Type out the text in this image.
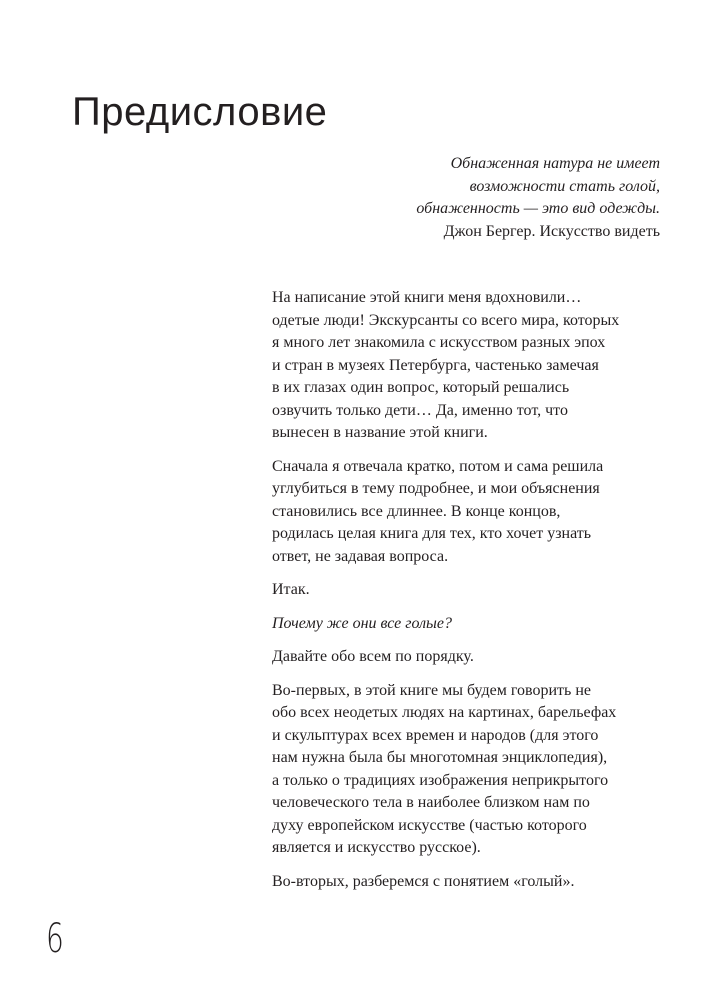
Предисловие
Обнаженная натура не имеет
возможности стать голой,
обнаженность — это вид одежды.
Джон Бергер. Искусство видеть

На написание этой книги меня вдохновили…
одетые люди! Экскурсанты со всего мира, которых
я много лет знакомила с искусством разных эпох
и стран в музеях Петербурга, частенько замечая
в их глазах один вопрос, который решались
озвучить только дети… Да, именно тот, что
вынесен в название этой книги.

Сначала я отвечала кратко, потом и сама решила
углубиться в тему подробнее, и мои объяснения
становились все длиннее. В конце концов,
родилась целая книга для тех, кто хочет узнать
ответ, не задавая вопроса.

Итак.

Почему же они все голые?

Давайте обо всем по порядку.

Во-первых, в этой книге мы будем говорить не
обо всех неодетых людях на картинах, барельефах
и скульптурах всех времен и народов (для этого
нам нужна была бы многотомная энциклопедия),
а только о традициях изображения неприкрытого
человеческого тела в наиболее близком нам по
духу европейском искусстве (частью которого
является и искусство русское).

Во-вторых, разберемся с понятием «голый».

6
